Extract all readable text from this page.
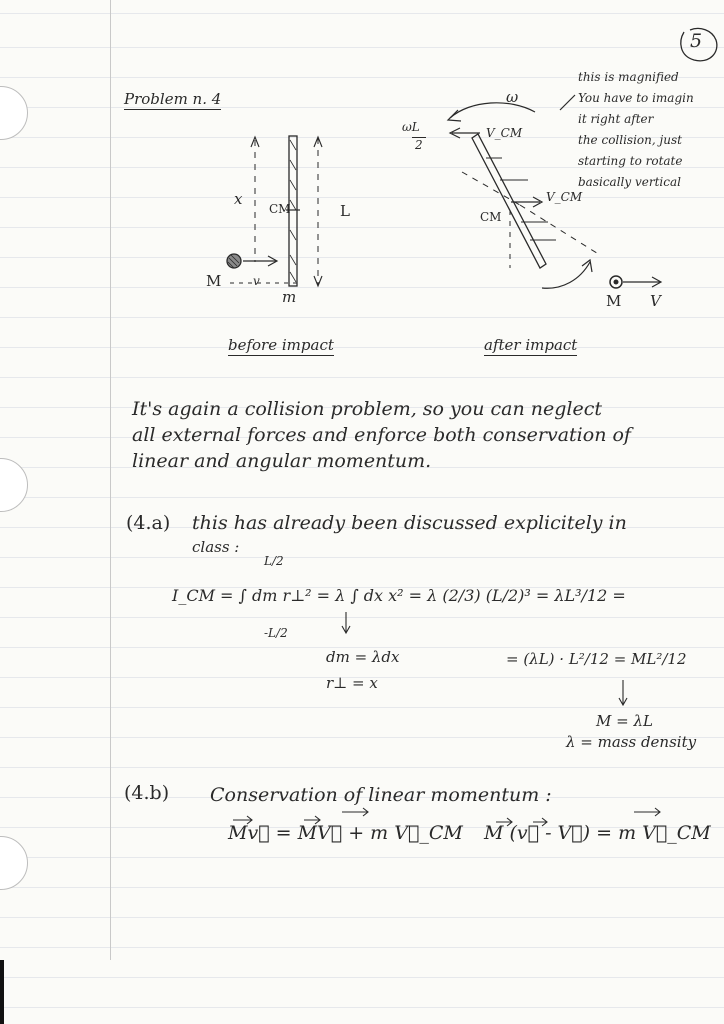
5
Problem n. 4
this is magnified
You have to imagin
it right after
the collision, just
starting to rotate
basically vertical
x
CM	L
M	v
m
before impact
ω
ωL
2
V_CM
V_CM
CM
M V
after impact
It's again a collision problem, so you can neglect
all external forces and enforce both conservation of
linear and angular momentum.
(4.a) this has already been discussed explicitely in
class :
L/2
-L/2
I_CM = ∫ dm r⊥² = λ ∫ dx x² = λ (2/3) (L/2)³ = λL³/12 =
dm = λdx
r⊥ = x
= (λL) · L²/12 = ML²/12
M = λL
λ = mass density
(4.b) Conservation of linear momentum :
Mv⃗ = MV⃗ + m V⃗_CM M (v⃗ - V⃗) = m V⃗_CM
